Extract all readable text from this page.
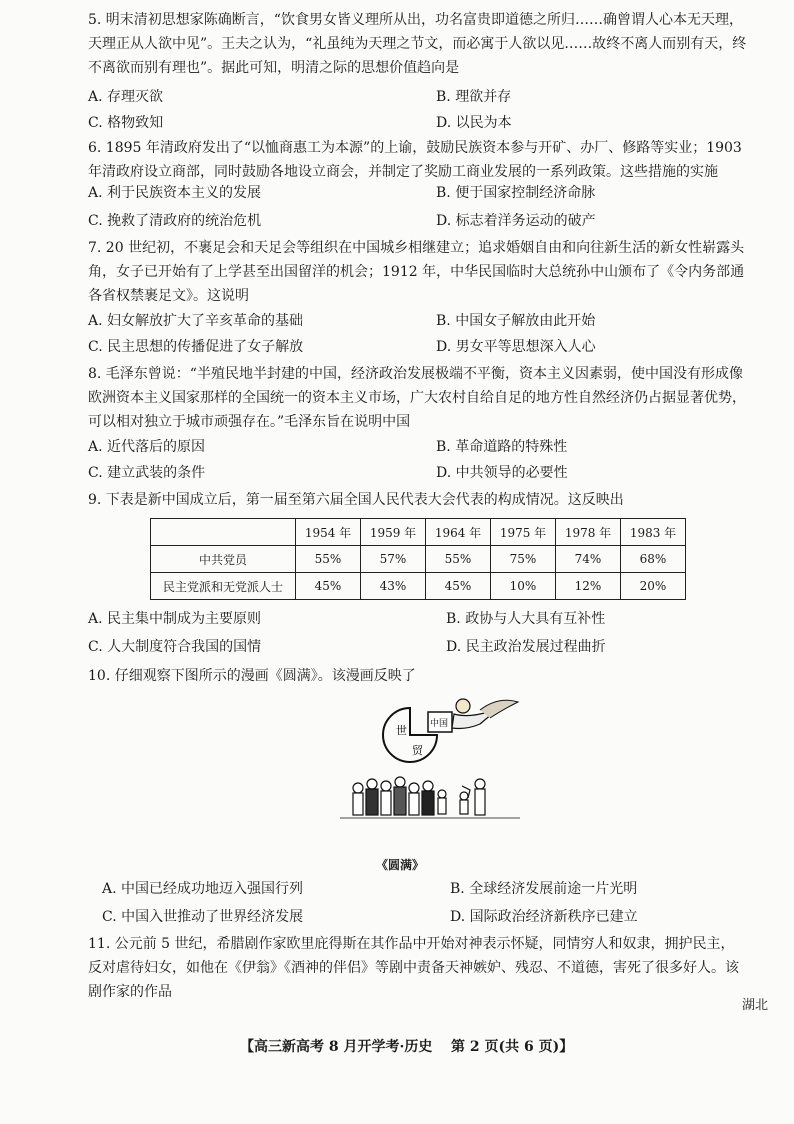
5. 明末清初思想家陈确断言，“饮食男女皆义理所从出，功名富贵即道德之所归……确曾谓人心本无天理，天理正从人欲中见”。王夫之认为，“礼虽纯为天理之节文，而必寓于人欲以见……故终不离人而别有天，终不离欲而别有理也”。据此可知，明清之际的思想价值趋向是

A. 存理灭欲	B. 理欲并存
C. 格物致知	D. 以民为本

6. 1895 年清政府发出了“以恤商惠工为本源”的上谕，鼓励民族资本参与开矿、办厂、修路等实业；1903 年清政府设立商部，同时鼓励各地设立商会，并制定了奖励工商业发展的一系列政策。这些措施的实施

A. 利于民族资本主义的发展	B. 便于国家控制经济命脉
C. 挽救了清政府的统治危机	D. 标志着洋务运动的破产

7. 20 世纪初，不裹足会和天足会等组织在中国城乡相继建立；追求婚姻自由和向往新生活的新女性崭露头角，女子已开始有了上学甚至出国留洋的机会；1912 年，中华民国临时大总统孙中山颁布了《令内务部通各省权禁裹足文》。这说明

A. 妇女解放扩大了辛亥革命的基础	B. 中国女子解放由此开始
C. 民主思想的传播促进了女子解放	D. 男女平等思想深入人心

8. 毛泽东曾说：“半殖民地半封建的中国，经济政治发展极端不平衡，资本主义因素弱，使中国没有形成像欧洲资本主义国家那样的全国统一的资本主义市场，广大农村自给自足的地方性自然经济仍占据显著优势，可以相对独立于城市顽强存在。”毛泽东旨在说明中国

A. 近代落后的原因	B. 革命道路的特殊性
C. 建立武装的条件	D. 中共领导的必要性

9. 下表是新中国成立后，第一届至第六届全国人民代表大会代表的构成情况。这反映出

	1954 年	1959 年	1964 年	1975 年	1978 年	1983 年
中共党员	55%	57%	55%	75%	74%	68%
民主党派和无党派人士	45%	43%	45%	10%	12%	20%
A. 民主集中制成为主要原则	B. 政协与人大具有互补性
C. 人大制度符合我国的国情	D. 民主政治发展过程曲折

10. 仔细观察下图所示的漫画《圆满》。该漫画反映了

世
贸
中国
《圆满》
A. 中国已经成功地迈入强国行列	B. 全球经济发展前途一片光明
C. 中国入世推动了世界经济发展	D. 国际政治经济新秩序已建立

11. 公元前 5 世纪，希腊剧作家欧里庇得斯在其作品中开始对神表示怀疑，同情穷人和奴隶，拥护民主，反对虐待妇女，如他在《伊翁》《酒神的伴侣》等剧中责备天神嫉妒、残忍、不道德，害死了很多好人。该剧作家的作品

湖北
【高三新高考 8 月开学考·历史 第 2 页(共 6 页)】
